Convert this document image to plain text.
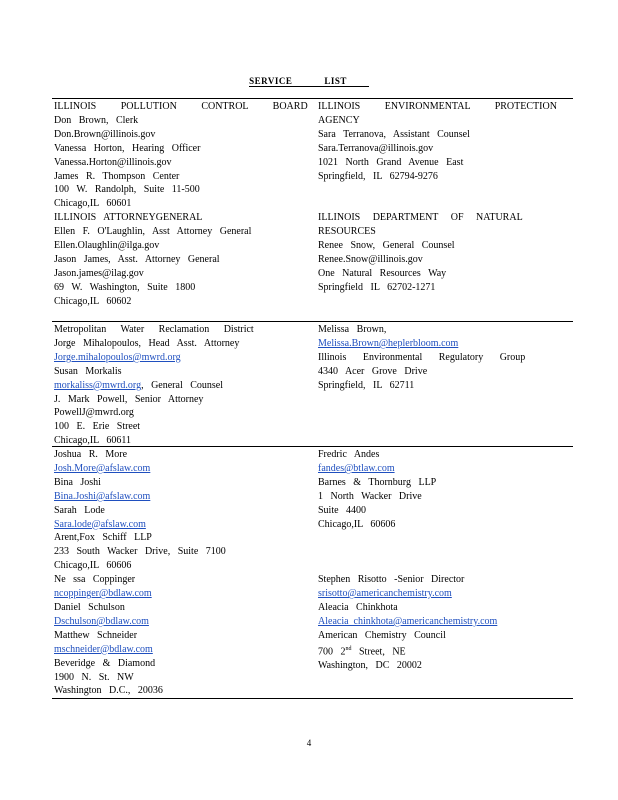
SERVICE	LIST
ILLINOIS POLLUTION CONTROL BOARD
Don Brown, Clerk
Don.Brown@illinois.gov
Vanessa Horton, Hearing Officer
Vanessa.Horton@illinois.gov
James R. Thompson Center
100 W. Randolph, Suite 11-500
Chicago,IL 60601
ILLINOIS ATTORNEYGENERAL
Ellen F. O'Laughlin, Asst Attorney General
Ellen.Olaughlin@ilga.gov
Jason James, Asst. Attorney General
Jason.james@ilag.gov
69 W. Washington, Suite 1800
Chicago,IL 60602
ILLINOIS ENVIRONMENTAL PROTECTION
AGENCY
Sara Terranova, Assistant Counsel
Sara.Terranova@illinois.gov
1021 North Grand Avenue East
Springfield, IL 62794-9276

ILLINOIS DEPARTMENT OF NATURAL
RESOURCES
Renee Snow, General Counsel
Renee.Snow@illinois.gov
One Natural Resources Way
Springfield IL 62702-1271
Metropolitan Water Reclamation District
Jorge Mihalopoulos, Head Asst. Attorney
Jorge.mihalopoulos@mwrd.org
Susan Morkalis
morkaliss@mwrd.org, General Counsel
J. Mark Powell, Senior Attorney
PowellJ@mwrd.org
100 E. Erie Street
Chicago,IL 60611
Melissa Brown,
Melissa.Brown@heplerbloom.com
Illinois Environmental Regulatory Group
4340 Acer Grove Drive
Springfield, IL 62711
Joshua R. More
Josh.More@afslaw.com
Bina Joshi
Bina.Joshi@afslaw.com
Sarah Lode
Sara.lode@afslaw.com
Arent,Fox Schiff LLP
233 South Wacker Drive, Suite 7100
Chicago,IL 60606
Ne ssa Coppinger
ncoppinger@bdlaw.com
Daniel Schulson
Dschulson@bdlaw.com
Matthew Schneider
mschneider@bdlaw.com
Beveridge & Diamond
1900 N. St. NW
Washington D.C., 20036
Fredric Andes
fandes@btlaw.com
Barnes & Thornburg LLP
1 North Wacker Drive
Suite 4400
Chicago,IL 60606

Stephen Risotto -Senior Director
srisotto@americanchemistry.com
Aleacia Chinkhota
Aleacia_chinkhota@americanchemistry.com
American Chemistry Council
700 2nd Street, NE
Washington, DC 20002
4
